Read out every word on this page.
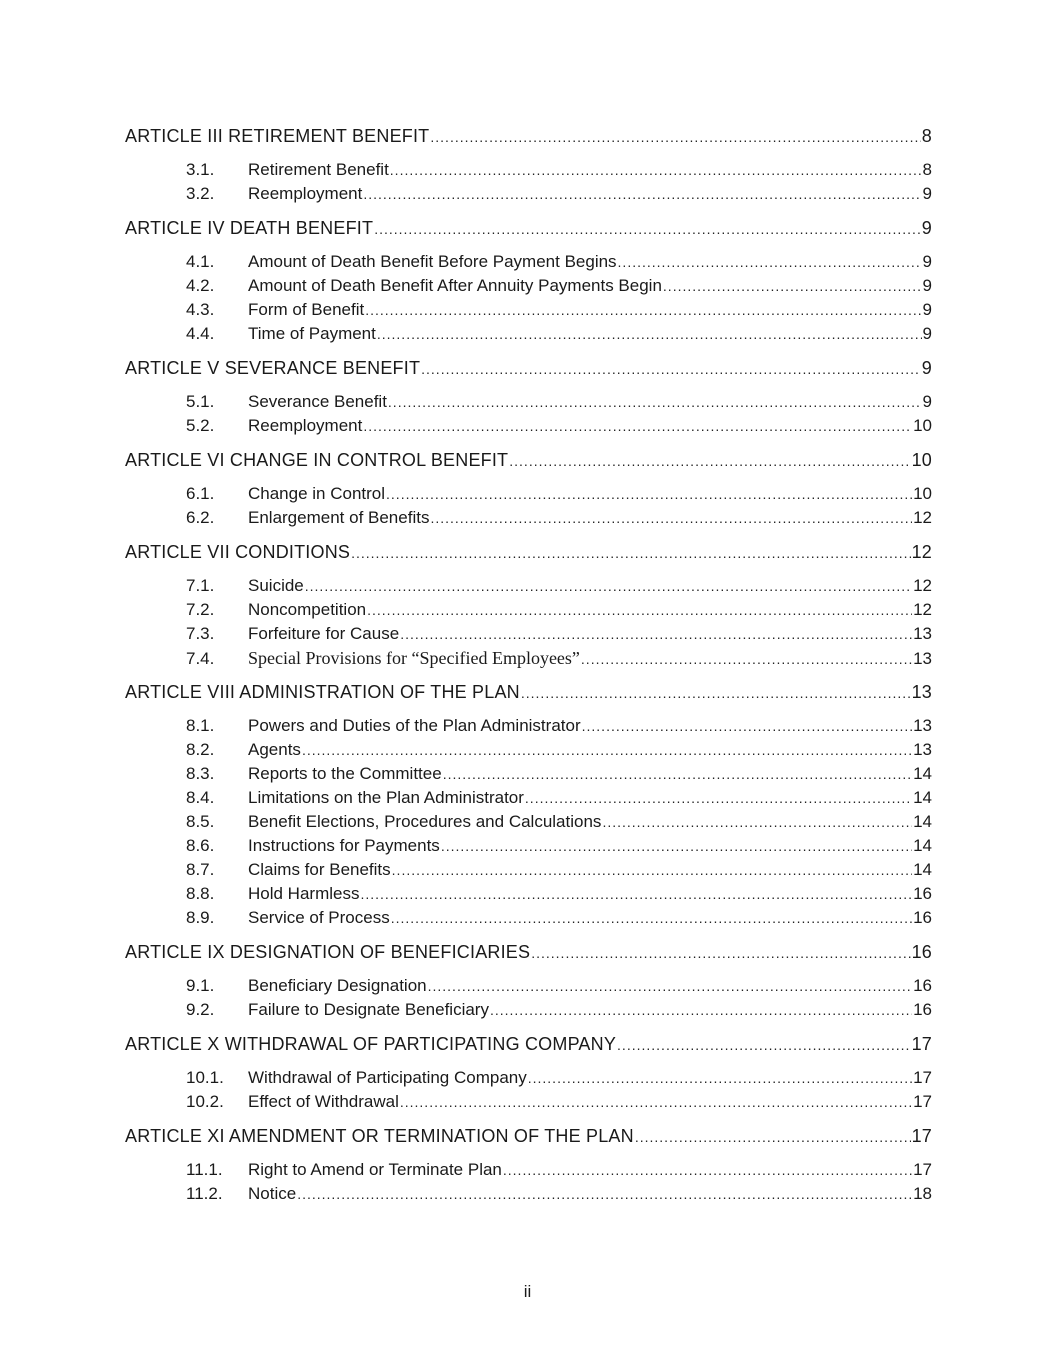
ARTICLE III RETIREMENT BENEFIT .....	8
3.1.	Retirement Benefit .....	8
3.2.	Reemployment .....	9
ARTICLE IV DEATH BENEFIT .....	9
4.1.	Amount of Death Benefit Before Payment Begins .....	9
4.2.	Amount of Death Benefit After Annuity Payments Begin .....	9
4.3.	Form of Benefit .....	9
4.4.	Time of Payment .....	9
ARTICLE V SEVERANCE BENEFIT .....	9
5.1.	Severance Benefit .....	9
5.2.	Reemployment .....	10
ARTICLE VI CHANGE IN CONTROL BENEFIT .....	10
6.1.	Change in Control .....	10
6.2.	Enlargement of Benefits .....	12
ARTICLE VII CONDITIONS .....	12
7.1.	Suicide .....	12
7.2.	Noncompetition .....	12
7.3.	Forfeiture for Cause .....	13
7.4.	Special Provisions for “Specified Employees” .....	13
ARTICLE VIII ADMINISTRATION OF THE PLAN .....	13
8.1.	Powers and Duties of the Plan Administrator .....	13
8.2.	Agents .....	13
8.3.	Reports to the Committee .....	14
8.4.	Limitations on the Plan Administrator .....	14
8.5.	Benefit Elections, Procedures and Calculations .....	14
8.6.	Instructions for Payments .....	14
8.7.	Claims for Benefits .....	14
8.8.	Hold Harmless .....	16
8.9.	Service of Process .....	16
ARTICLE IX DESIGNATION OF BENEFICIARIES .....	16
9.1.	Beneficiary Designation .....	16
9.2.	Failure to Designate Beneficiary .....	16
ARTICLE X WITHDRAWAL OF PARTICIPATING COMPANY .....	17
10.1.	Withdrawal of Participating Company .....	17
10.2.	Effect of Withdrawal .....	17
ARTICLE XI AMENDMENT OR TERMINATION OF THE PLAN .....	17
11.1.	Right to Amend or Terminate Plan .....	17
11.2.	Notice .....	18
ii
